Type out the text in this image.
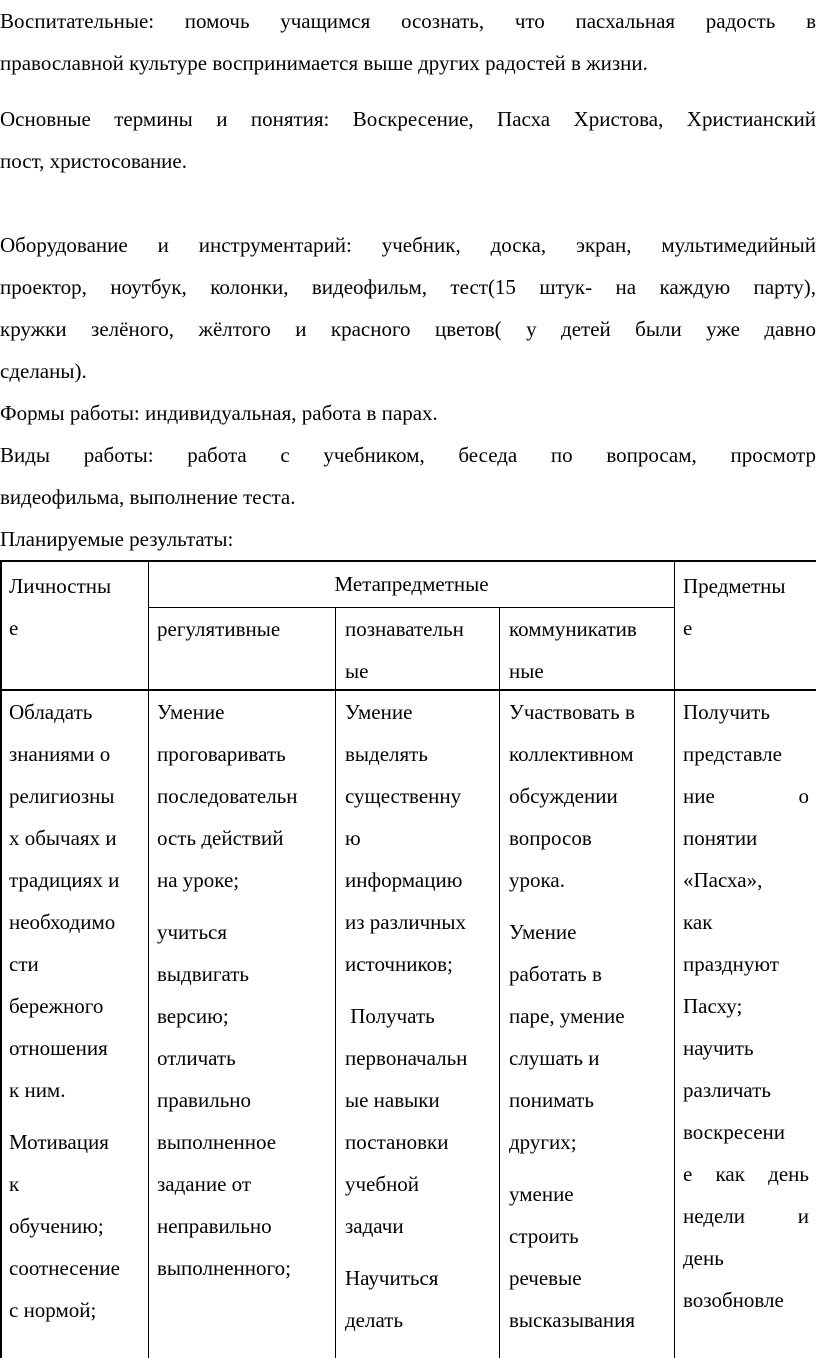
Воспитательные: помочь учащимся осознать, что пасхальная радость в
православной культуре воспринимается выше других радостей в жизни.
Основные термины и понятия: Воскресение, Пасха Христова, Христианский
пост, христосование.
Оборудование и инструментарий: учебник, доска, экран, мультимедийный
проектор, ноутбук, колонки, видеофильм, тест(15 штук- на каждую парту),
кружки зелёного, жёлтого и красного цветов( у детей были уже давно
сделаны).
Формы работы: индивидуальная, работа в парах.
Виды работы: работа с учебником, беседа по вопросам, просмотр
видеофильма, выполнение теста.
Планируемые результаты:
Личностны
е
Метапредметные
регулятивные	познавательн
ые
коммуникатив
ные
Предметны
е
Обладать
знаниями о
религиозны
х обычаях и
традициях и
необходимо
сти
бережного
отношения
к ним.
Мотивация
к
обучению;
соотнесение
с нормой;
Умение
проговаривать
последовательн
ость действий
на уроке;
учиться
выдвигать
версию;
отличать
правильно
выполненное
задание от
неправильно
выполненного;
Умение
выделять
существенну
ю
информацию
из различных
источников;
Получать
первоначальн
ые навыки
постановки
учебной
задачи
Научиться
делать
Участвовать в
коллективном
обсуждении
вопросов
урока.
Умение
работать в
паре, умение
слушать и
понимать
других;
умение
строить
речевые
высказывания
Получить
представле
ние о
понятии
«Пасха»,
как
празднуют
Пасху;
научить
различать
воскресени
е как день
недели и
день
возобновле
